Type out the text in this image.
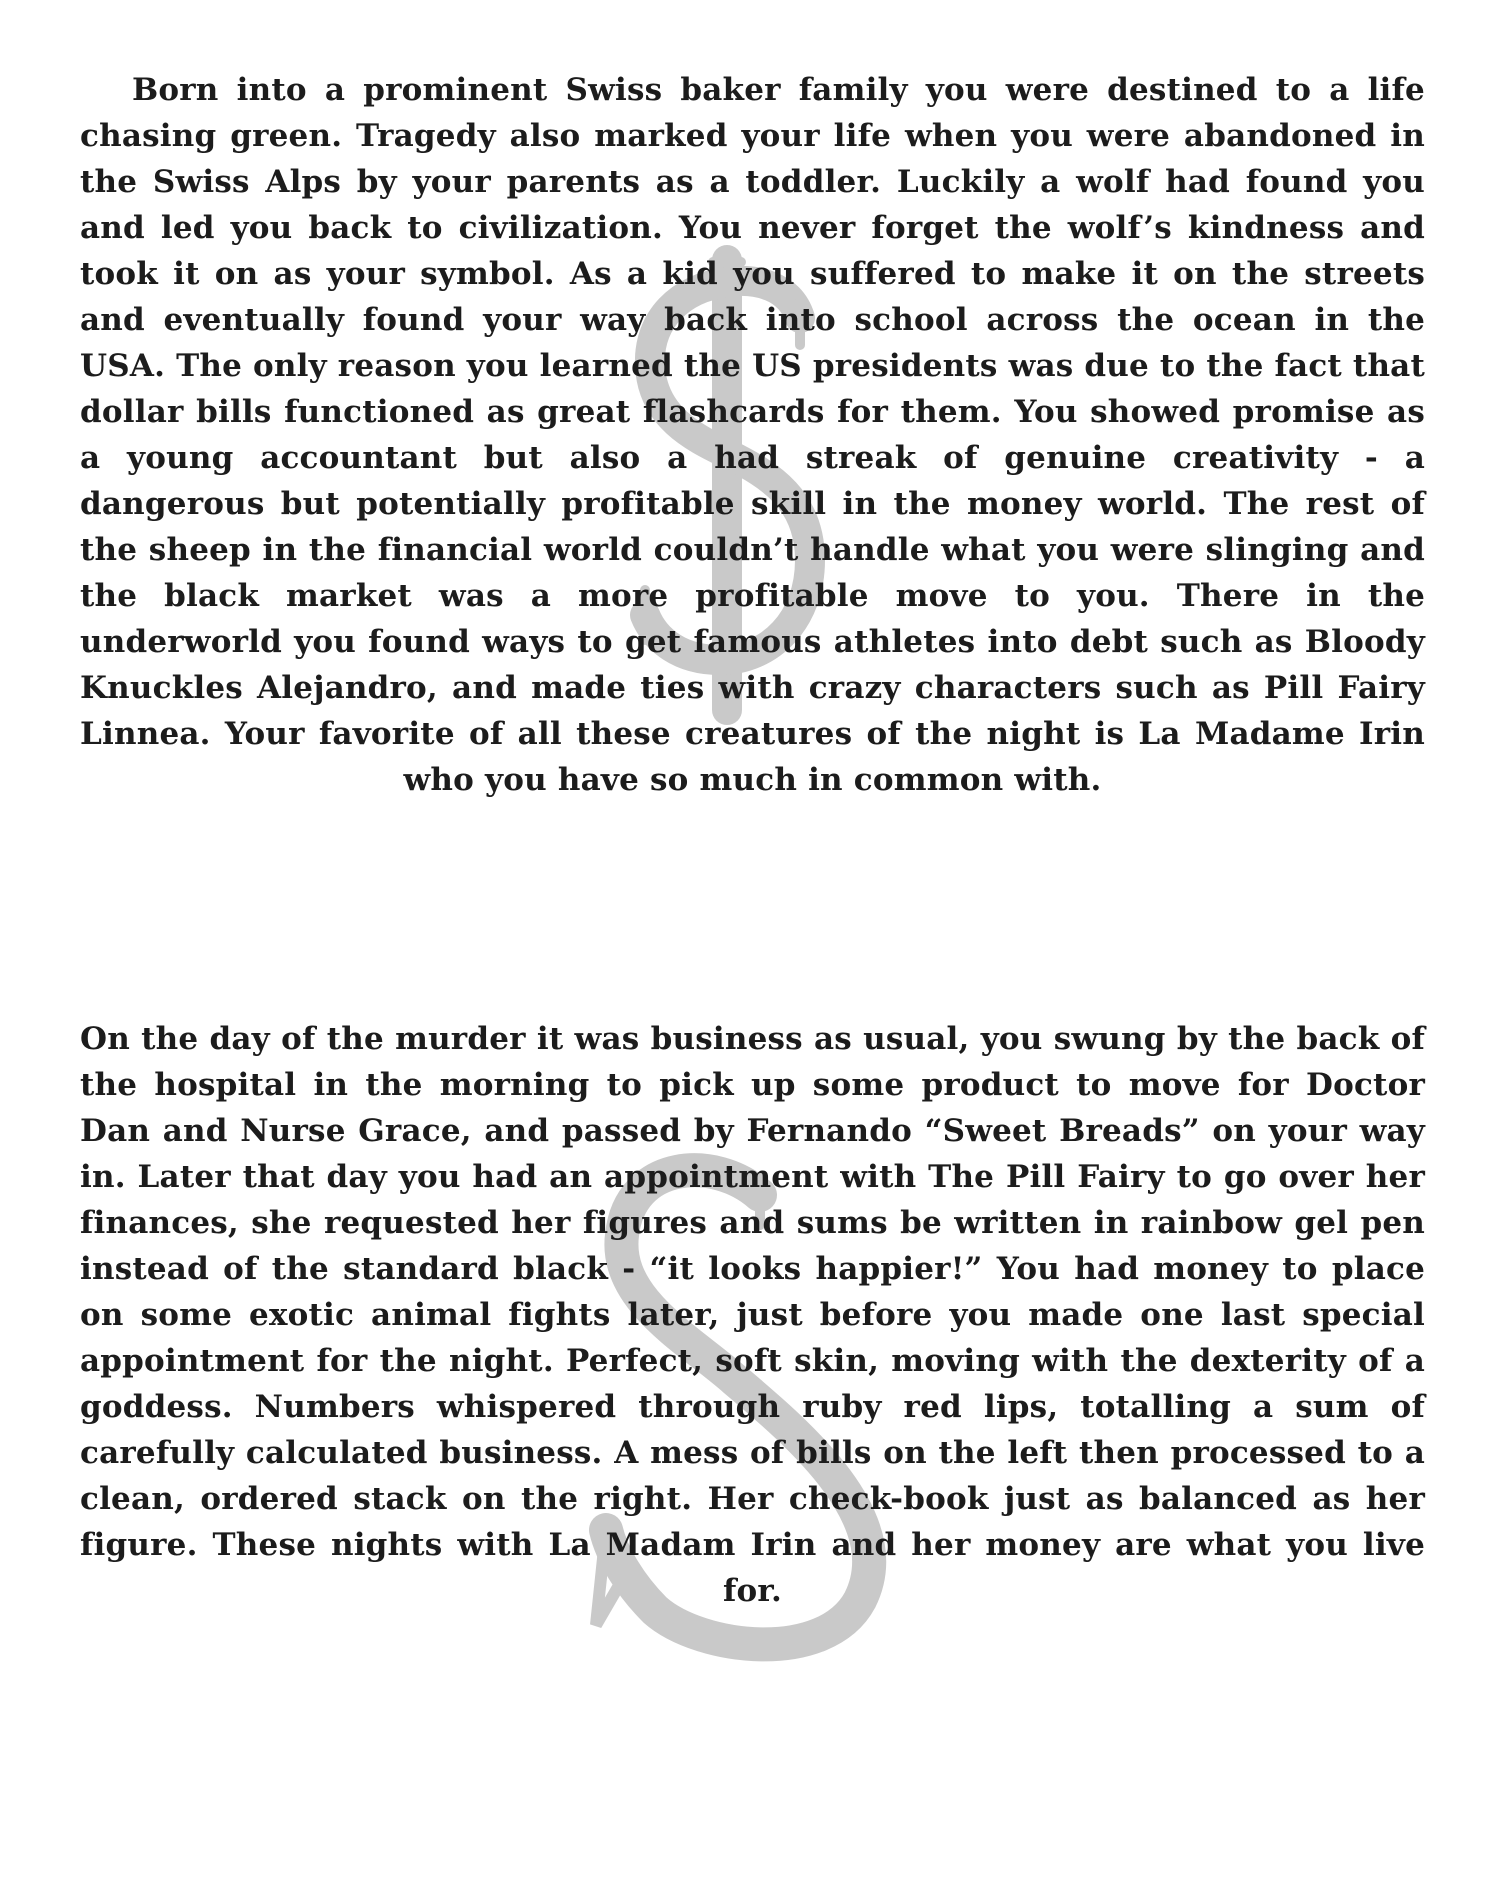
Born into a prominent Swiss baker family you were destined to a life chasing green. Tragedy also marked your life when you were abandoned in the Swiss Alps by your parents as a toddler. Luckily a wolf had found you and led you back to civilization. You never forget the wolf’s kindness and took it on as your symbol. As a kid you suffered to make it on the streets and eventually found your way back into school across the ocean in the USA. The only reason you learned the US presidents was due to the fact that dollar bills functioned as great flashcards for them. You showed promise as a young accountant but also a had streak of genuine creativity - a dangerous but potentially profitable skill in the money world. The rest of the sheep in the financial world couldn’t handle what you were slinging and the black market was a more profitable move to you. There in the underworld you found ways to get famous athletes into debt such as Bloody Knuckles Alejandro, and made ties with crazy characters such as Pill Fairy Linnea. Your favorite of all these creatures of the night is La Madame Irin who you have so much in common with.

On the day of the murder it was business as usual, you swung by the back of the hospital in the morning to pick up some product to move for Doctor Dan and Nurse Grace, and passed by Fernando “Sweet Breads” on your way in. Later that day you had an appointment with The Pill Fairy to go over her finances, she requested her figures and sums be written in rainbow gel pen instead of the standard black - “it looks happier!” You had money to place on some exotic animal fights later, just before you made one last special appointment for the night. Perfect, soft skin, moving with the dexterity of a goddess. Numbers whispered through ruby red lips, totalling a sum of carefully calculated business. A mess of bills on the left then processed to a clean, ordered stack on the right. Her check-book just as balanced as her figure. These nights with La Madam Irin and her money are what you live for.
